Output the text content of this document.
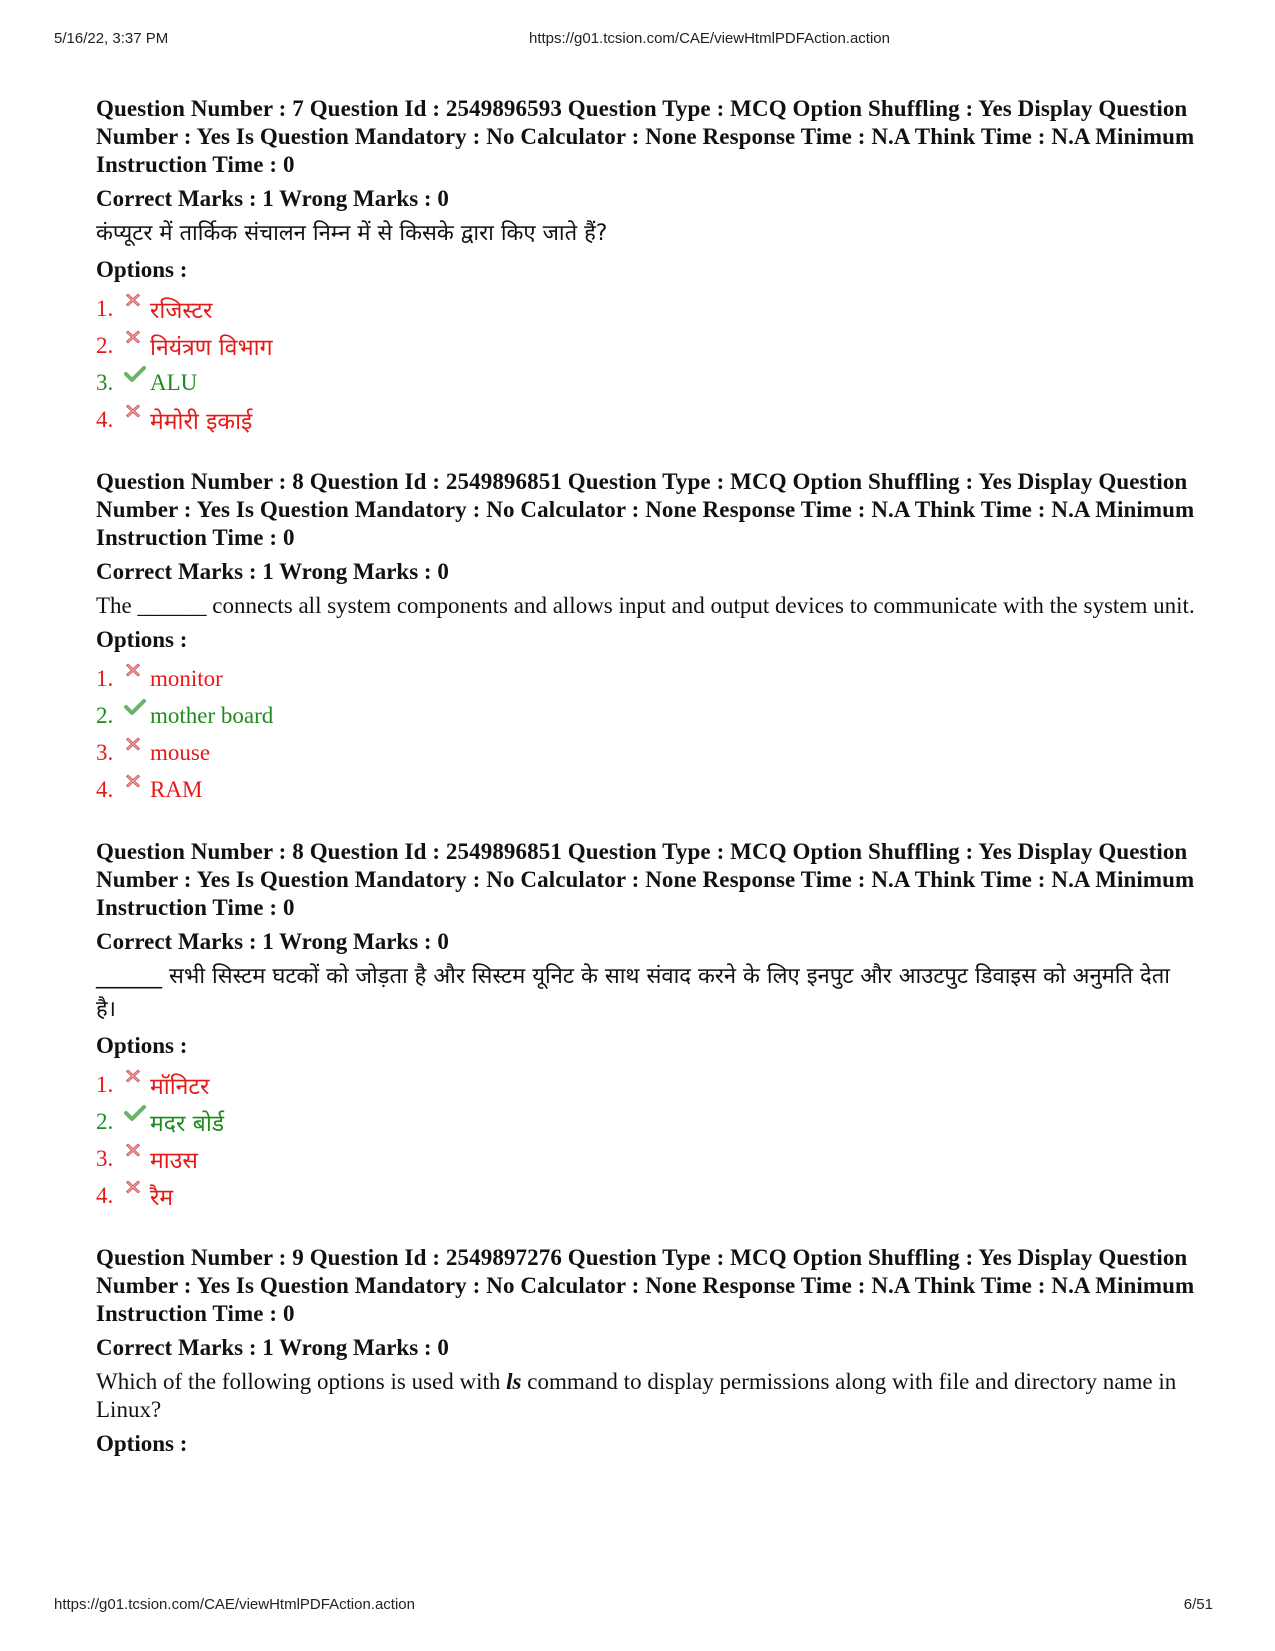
5/16/22, 3:37 PM	https://g01.tcsion.com/CAE/viewHtmlPDFAction.action
Question Number : 7 Question Id : 2549896593 Question Type : MCQ Option Shuffling : Yes Display Question Number : Yes Is Question Mandatory : No Calculator : None Response Time : N.A Think Time : N.A Minimum Instruction Time : 0
Correct Marks : 1 Wrong Marks : 0
कंप्यूटर में तार्किक संचालन निम्न में से किसके द्वारा किए जाते हैं?
Options :
1.	रजिस्टर
2.	नियंत्रण विभाग
3.	ALU
4.	मेमोरी इकाई
Question Number : 8 Question Id : 2549896851 Question Type : MCQ Option Shuffling : Yes Display Question Number : Yes Is Question Mandatory : No Calculator : None Response Time : N.A Think Time : N.A Minimum Instruction Time : 0
Correct Marks : 1 Wrong Marks : 0
The ______ connects all system components and allows input and output devices to communicate with the system unit.
Options :
1.	monitor
2.	mother board
3.	mouse
4.	RAM
Question Number : 8 Question Id : 2549896851 Question Type : MCQ Option Shuffling : Yes Display Question Number : Yes Is Question Mandatory : No Calculator : None Response Time : N.A Think Time : N.A Minimum Instruction Time : 0
Correct Marks : 1 Wrong Marks : 0
______ सभी सिस्टम घटकों को जोड़ता है और सिस्टम यूनिट के साथ संवाद करने के लिए इनपुट और आउटपुट डिवाइस को अनुमति देता है।
Options :
1.	मॉनिटर
2.	मदर बोर्ड
3.	माउस
4.	रैम
Question Number : 9 Question Id : 2549897276 Question Type : MCQ Option Shuffling : Yes Display Question Number : Yes Is Question Mandatory : No Calculator : None Response Time : N.A Think Time : N.A Minimum Instruction Time : 0
Correct Marks : 1 Wrong Marks : 0
Which of the following options is used with ls command to display permissions along with file and directory name in Linux?
Options :
https://g01.tcsion.com/CAE/viewHtmlPDFAction.action	6/51
